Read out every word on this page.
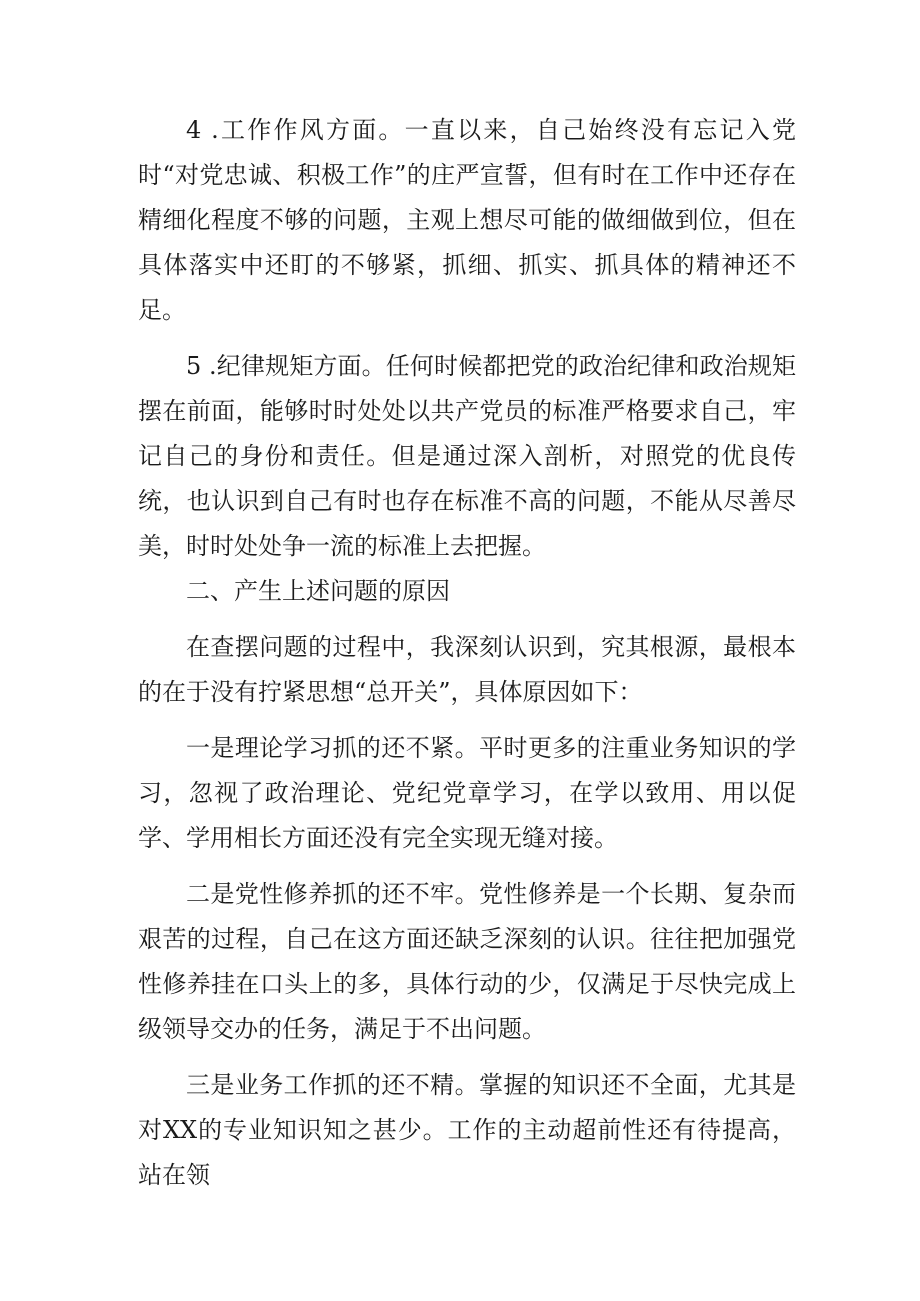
4 .工作作风方面。一直以来，自己始终没有忘记入党时“对党忠诚、积极工作”的庄严宣誓，但有时在工作中还存在精细化程度不够的问题，主观上想尽可能的做细做到位，但在具体落实中还盯的不够紧，抓细、抓实、抓具体的精神还不足。

5 .纪律规矩方面。任何时候都把党的政治纪律和政治规矩摆在前面，能够时时处处以共产党员的标准严格要求自己，牢记自己的身份和责任。但是通过深入剖析，对照党的优良传统，也认识到自己有时也存在标准不高的问题，不能从尽善尽美，时时处处争一流的标准上去把握。

二、产生上述问题的原因

在查摆问题的过程中，我深刻认识到，究其根源，最根本的在于没有拧紧思想“总开关”，具体原因如下：

一是理论学习抓的还不紧。平时更多的注重业务知识的学习，忽视了政治理论、党纪党章学习，在学以致用、用以促学、学用相长方面还没有完全实现无缝对接。

二是党性修养抓的还不牢。党性修养是一个长期、复杂而艰苦的过程，自己在这方面还缺乏深刻的认识。往往把加强党性修养挂在口头上的多，具体行动的少，仅满足于尽快完成上级领导交办的任务，满足于不出问题。

三是业务工作抓的还不精。掌握的知识还不全面，尤其是对XX的专业知识知之甚少。工作的主动超前性还有待提高，站在领
